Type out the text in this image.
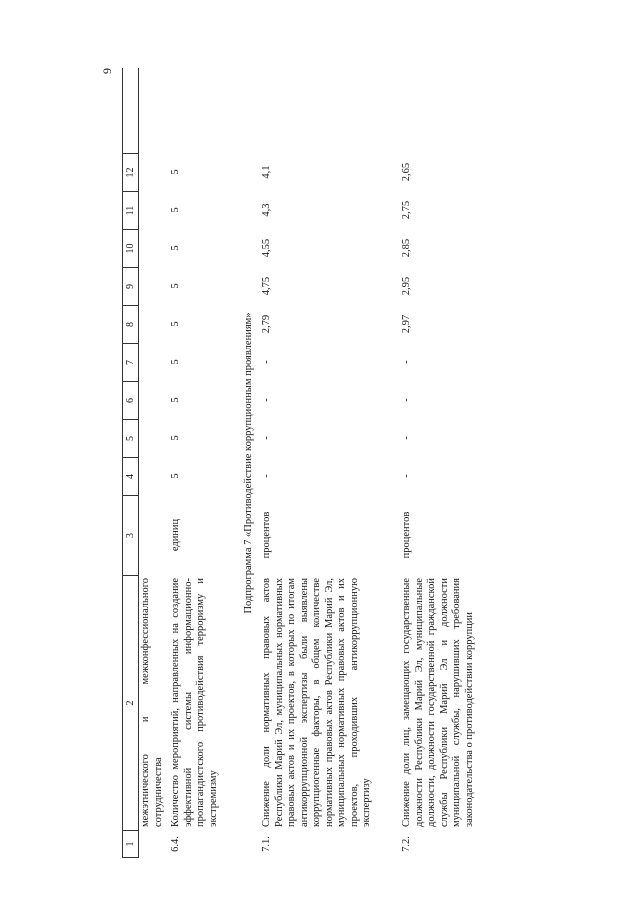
9
1
2
3
4
5
6
7
8
9
10
11
12
межэтнического и межконфессионального сотрудничества
6.4.
Количество мероприятий, направленных на создание эффективной системы информационно-пропагандистского противодействия терроризму и экстремизму
единиц
5
5
5
5
5
5
5
5
5
Подпрограмма 7 «Противодействие коррупционным проявлениям»
7.1.
Снижение доли нормативных правовых актов Республики Марий Эл, муниципальных нормативных правовых актов и их проектов, в которых по итогам антикоррупционной экспертизы были выявлены коррупциогенные факторы, в общем количестве нормативных правовых актов Республики Марий Эл, муниципальных нормативных правовых актов и их проектов, проходивших антикоррупционную экспертизу
процентов
-
-
-
-
2,79
4,75
4,55
4,3
4,1
7.2.
Снижение доли лиц, замещающих государственные должности Республики Марий Эл, муниципальные должности, должности государственной гражданской службы Республики Марий Эл и должности муниципальной службы, нарушивших требования законодательства о противодействии коррупции
процентов
-
-
-
-
2,97
2,95
2,85
2,75
2,65
